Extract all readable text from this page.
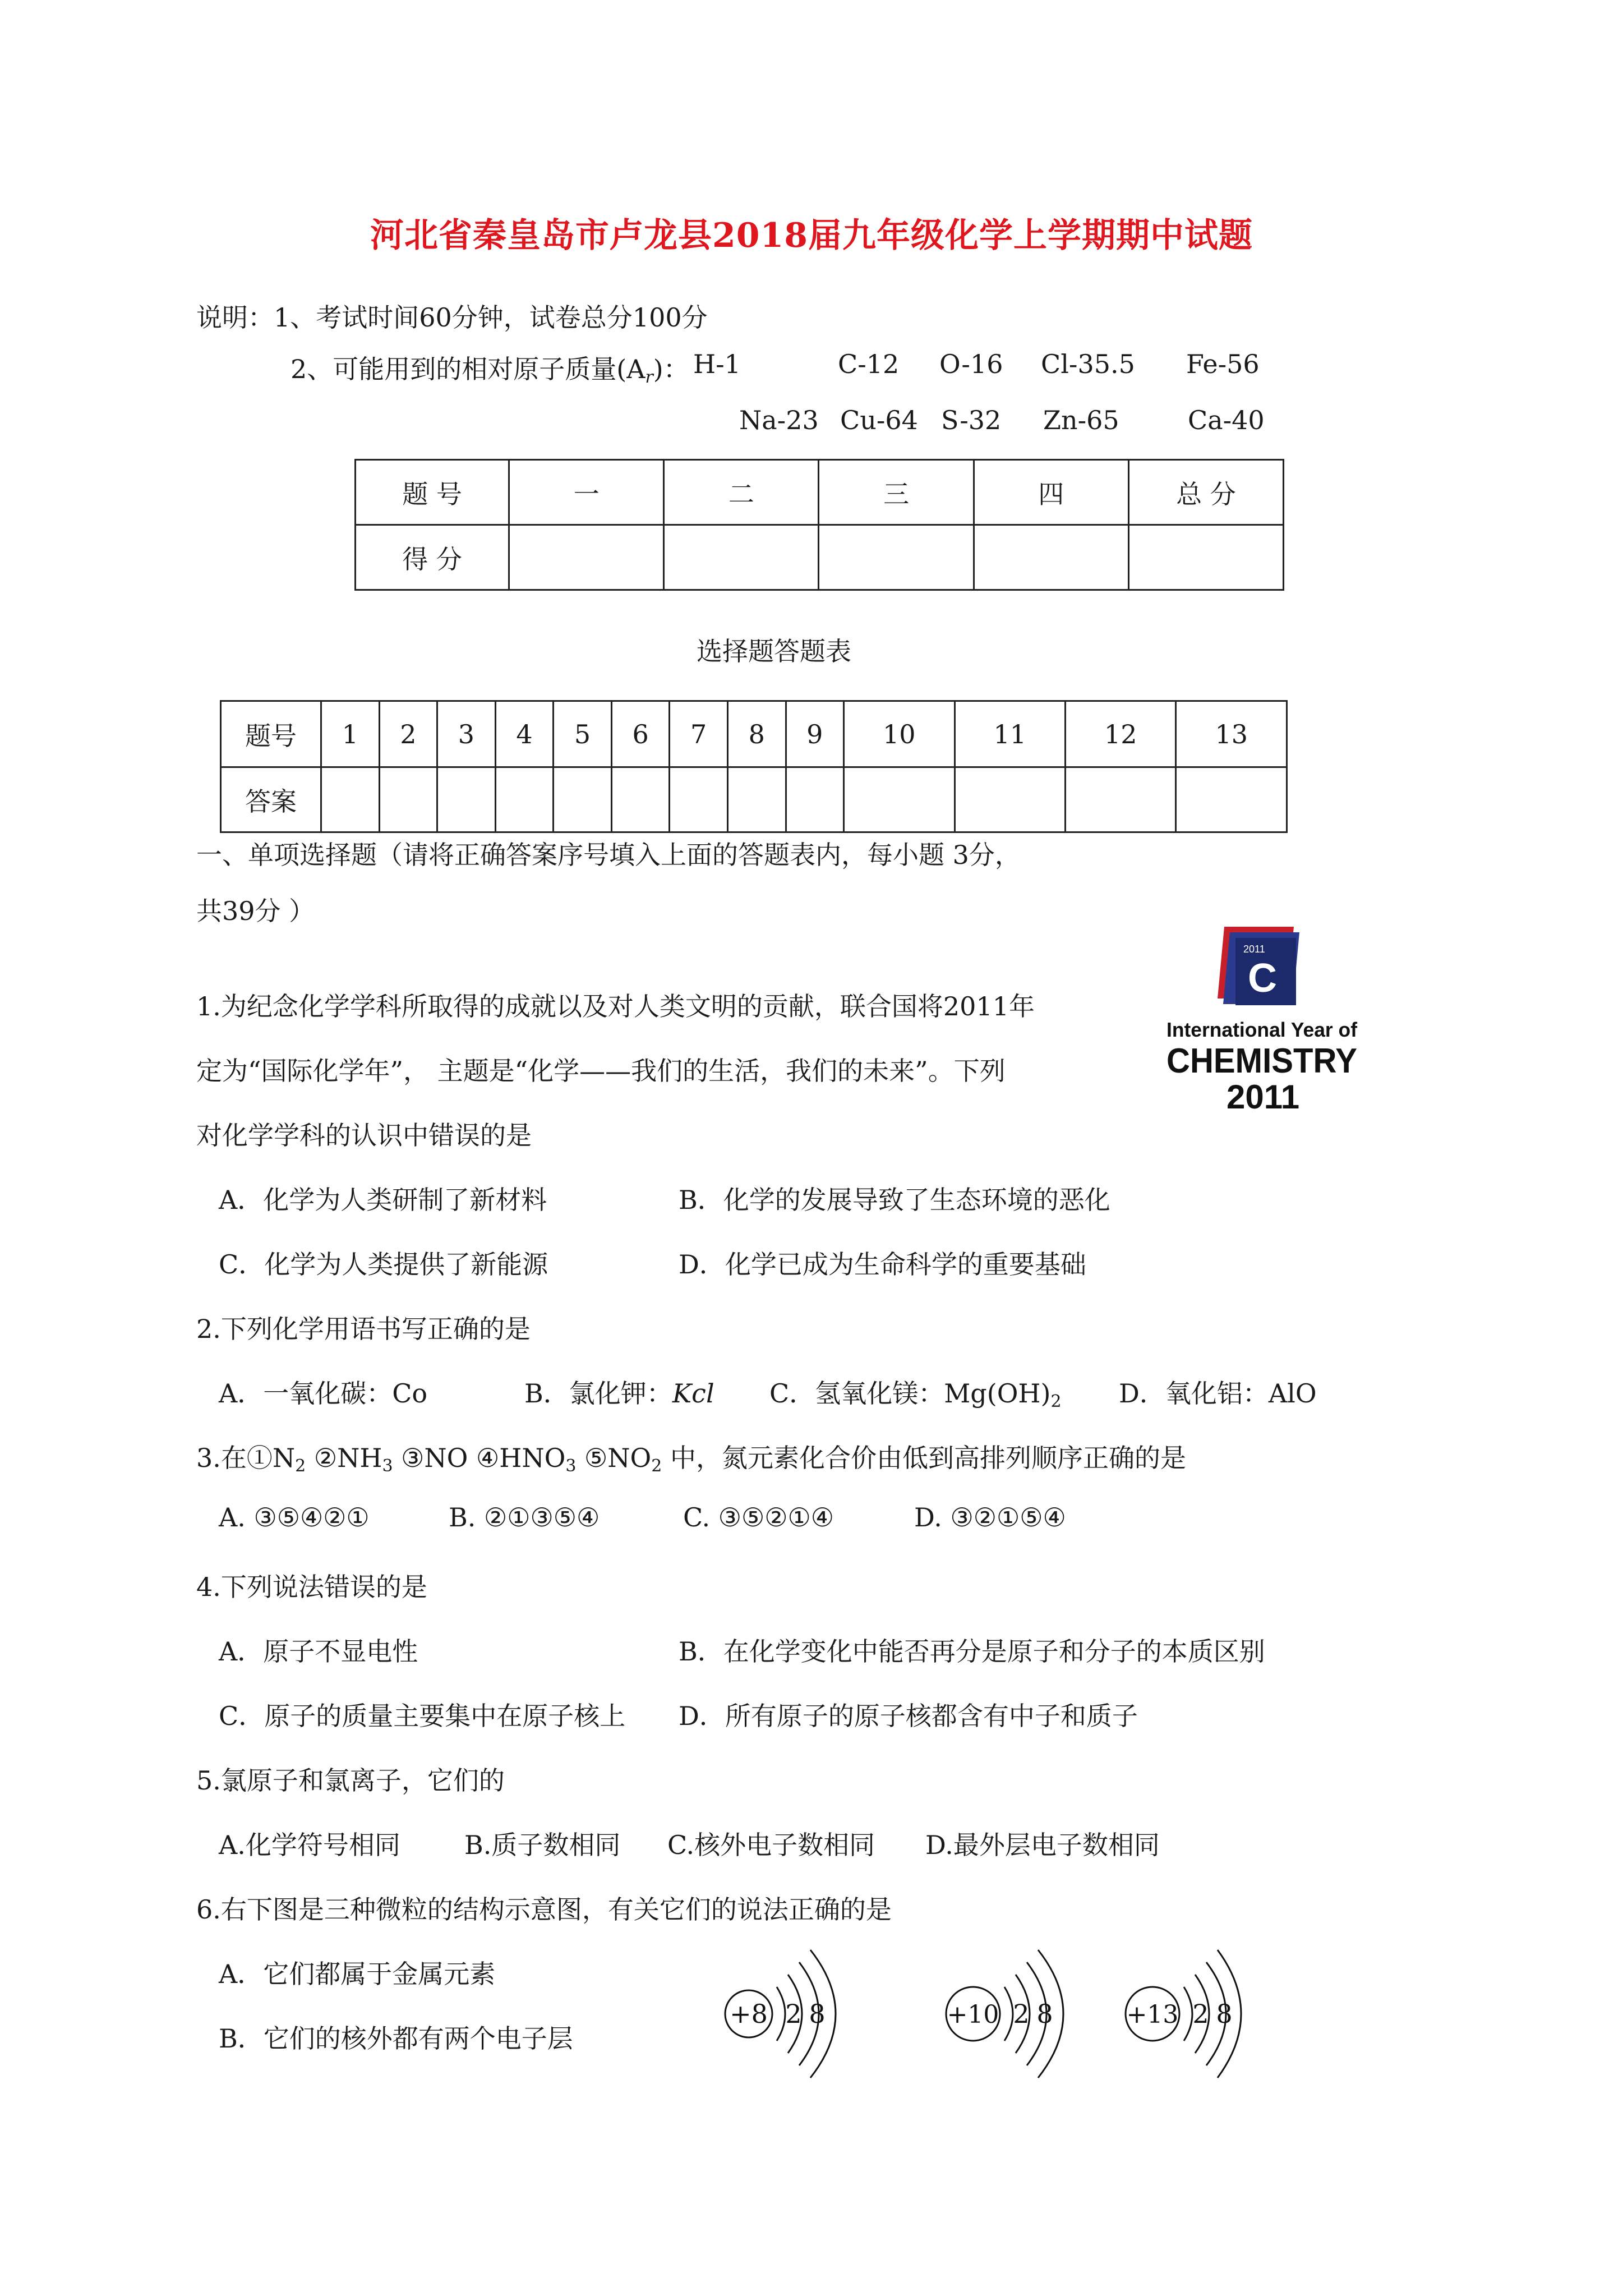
河北省秦皇岛市卢龙县2018届九年级化学上学期期中试题
说明：1、考试时间60分钟，试卷总分100分
2、可能用到的相对原子质量$(A_r)$： H-1	C-12 O-16 Cl-35.5 Fe-56
Na-23 Cu-64 S-32 Zn-65	Ca-40
题 号	一	二	三	四	总 分
得 分					
选择题答题表
题号	1	2	3	4	5	6	7	8	9	10	11	12	13
答案													
一、单项选择题（请将正确答案序号填入上面的答题表内，每小题 3分，
共39分 ）
2011
C
International Year of
CHEMISTRY
2011
1.为纪念化学学科所取得的成就以及对人类文明的贡献，联合国将2011年
定为“国际化学年”， 主题是“化学——我们的生活，我们的未来”。下列
对化学学科的认识中错误的是
A．化学为人类研制了新材料	B．化学的发展导致了生态环境的恶化
C．化学为人类提供了新能源	D．化学已成为生命科学的重要基础
2.下列化学用语书写正确的是
A．一氧化碳：Co	B．氯化钾：Kcl C．氢氧化镁：$Mg(OH)_2$ D．氧化铝：AlO
3.在$①N_2$ $②NH_3$ ③NO $④HNO_3$ $⑤NO_2$ 中，氮元素化合价由低到高排列顺序正确的是
A. ③⑤④②①	B. ②①③⑤④	C. ③⑤②①④	D. ③②①⑤④
4.下列说法错误的是
A．原子不显电性	B．在化学变化中能否再分是原子和分子的本质区别
C．原子的质量主要集中在原子核上 D．所有原子的原子核都含有中子和质子
5.氯原子和氯离子，它们的
A.化学符号相同 B.质子数相同 C.核外电子数相同 D.最外层电子数相同
6.右下图是三种微粒的结构示意图，有关它们的说法正确的是
A．它们都属于金属元素
B．它们的核外都有两个电子层
+8 2 8	+10 2 8	+13 2 8
